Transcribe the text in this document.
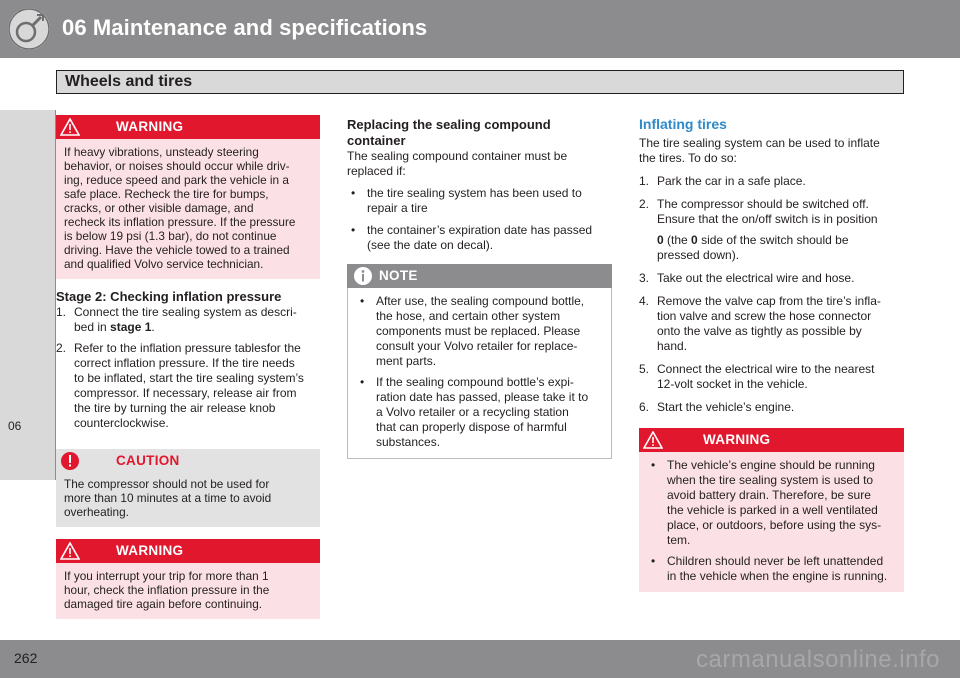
06 Maintenance and specifications
Wheels and tires
06
WARNING
If heavy vibrations, unsteady steering
behavior, or noises should occur while driv-
ing, reduce speed and park the vehicle in a
safe place. Recheck the tire for bumps,
cracks, or other visible damage, and
recheck its inflation pressure. If the pressure
is below 19 psi (1.3 bar), do not continue
driving. Have the vehicle towed to a trained
and qualified Volvo service technician.
Stage 2: Checking inflation pressure
1. Connect the tire sealing system as descri-
bed in stage 1.
2. Refer to the inflation pressure tablesfor the
correct inflation pressure. If the tire needs
to be inflated, start the tire sealing system’s
compressor. If necessary, release air from
the tire by turning the air release knob
counterclockwise.
CAUTION
The compressor should not be used for
more than 10 minutes at a time to avoid
overheating.
WARNING
If you interrupt your trip for more than 1
hour, check the inflation pressure in the
damaged tire again before continuing.
Replacing the sealing compound
container
The sealing compound container must be
replaced if:
• the tire sealing system has been used to
repair a tire
• the container’s expiration date has passed
(see the date on decal).
NOTE
• After use, the sealing compound bottle,
the hose, and certain other system
components must be replaced. Please
consult your Volvo retailer for replace-
ment parts.
• If the sealing compound bottle’s expi-
ration date has passed, please take it to
a Volvo retailer or a recycling station
that can properly dispose of harmful
substances.
Inflating tires
The tire sealing system can be used to inflate
the tires. To do so:
1. Park the car in a safe place.
2. The compressor should be switched off.
Ensure that the on/off switch is in position
0 (the 0 side of the switch should be
pressed down).
3. Take out the electrical wire and hose.
4. Remove the valve cap from the tire’s infla-
tion valve and screw the hose connector
onto the valve as tightly as possible by
hand.
5. Connect the electrical wire to the nearest
12-volt socket in the vehicle.
6. Start the vehicle’s engine.
WARNING
• The vehicle’s engine should be running
when the tire sealing system is used to
avoid battery drain. Therefore, be sure
the vehicle is parked in a well ventilated
place, or outdoors, before using the sys-
tem.
• Children should never be left unattended
in the vehicle when the engine is running.
262	carmanualsonline.info
